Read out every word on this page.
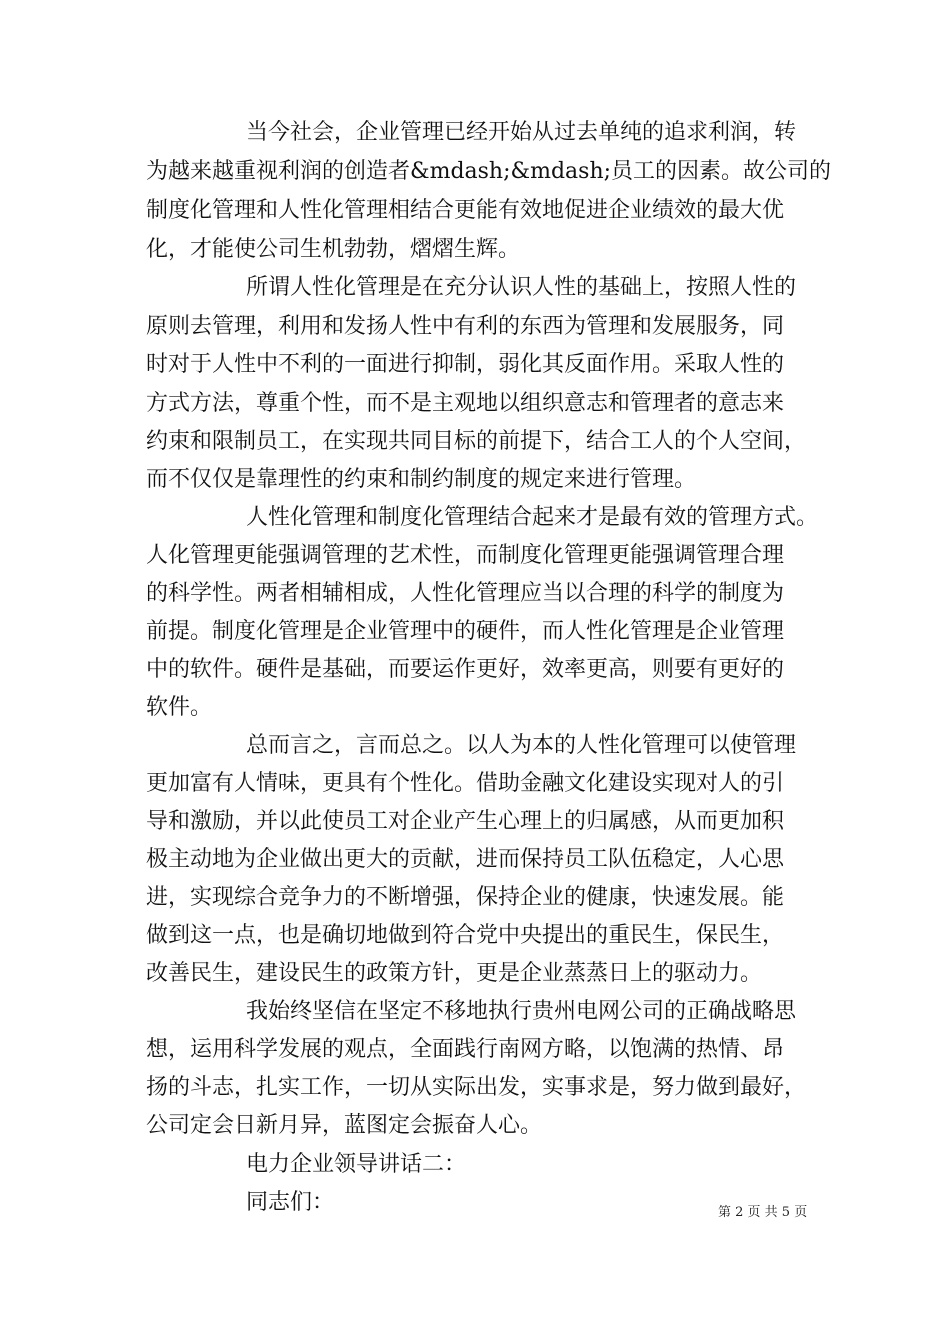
当今社会，企业管理已经开始从过去单纯的追求利润，转

为越来越重视利润的创造者&mdash;&mdash;员工的因素。故公司的

制度化管理和人性化管理相结合更能有效地促进企业绩效的最大优

化，才能使公司生机勃勃，熠熠生辉。

所谓人性化管理是在充分认识人性的基础上，按照人性的

原则去管理，利用和发扬人性中有利的东西为管理和发展服务，同

时对于人性中不利的一面进行抑制，弱化其反面作用。采取人性的

方式方法，尊重个性，而不是主观地以组织意志和管理者的意志来

约束和限制员工，在实现共同目标的前提下，结合工人的个人空间，

而不仅仅是靠理性的约束和制约制度的规定来进行管理。

人性化管理和制度化管理结合起来才是最有效的管理方式。

人化管理更能强调管理的艺术性，而制度化管理更能强调管理合理

的科学性。两者相辅相成，人性化管理应当以合理的科学的制度为

前提。制度化管理是企业管理中的硬件，而人性化管理是企业管理

中的软件。硬件是基础，而要运作更好，效率更高，则要有更好的

软件。

总而言之，言而总之。以人为本的人性化管理可以使管理

更加富有人情味，更具有个性化。借助金融文化建设实现对人的引

导和激励，并以此使员工对企业产生心理上的归属感，从而更加积

极主动地为企业做出更大的贡献，进而保持员工队伍稳定，人心思

进，实现综合竞争力的不断增强，保持企业的健康，快速发展。能

做到这一点，也是确切地做到符合党中央提出的重民生，保民生，

改善民生，建设民生的政策方针，更是企业蒸蒸日上的驱动力。

我始终坚信在坚定不移地执行贵州电网公司的正确战略思

想，运用科学发展的观点，全面践行南网方略，以饱满的热情、昂

扬的斗志，扎实工作，一切从实际出发，实事求是，努力做到最好，

公司定会日新月异，蓝图定会振奋人心。

电力企业领导讲话二：

同志们：	第 2 页 共 5 页
